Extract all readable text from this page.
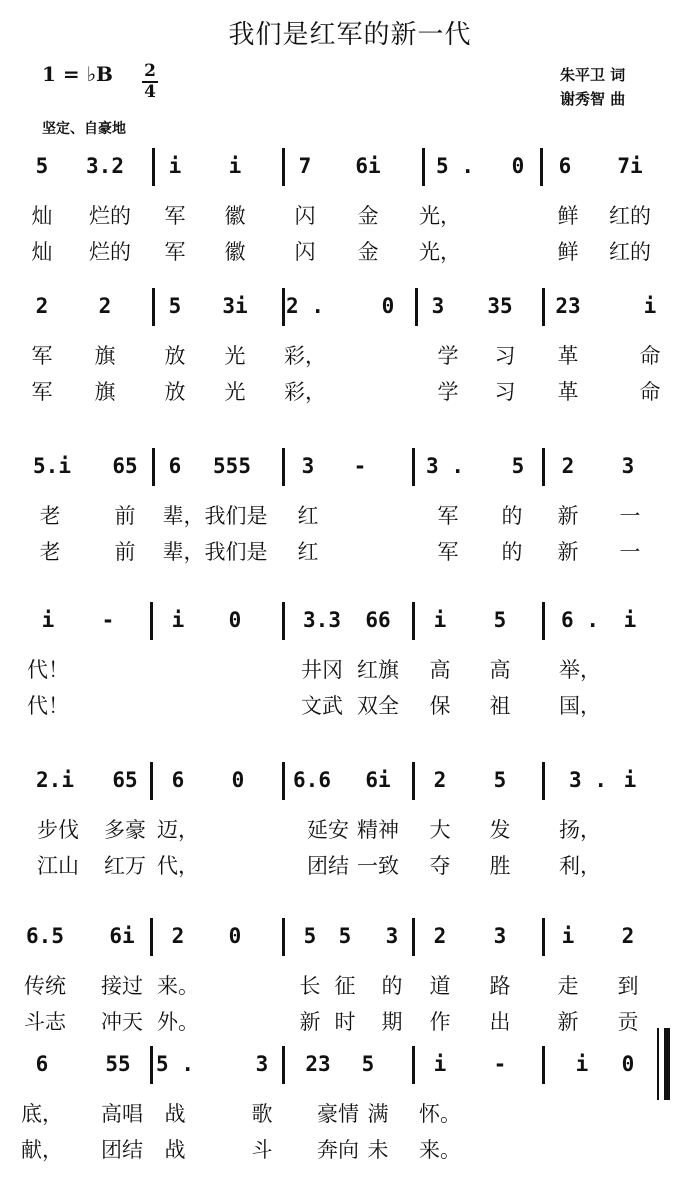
我们是红军的新一代
1 = ♭B 2
4
朱平卫 词
谢秀智 曲
坚定、自豪地
5 3.2 i i	7 6i	5 . 0 6 7i
灿 烂的 军 徽 闪 金 光，	鲜 红的
灿 烂的 军 徽 闪 金 光，	鲜 红的
2 2	5 3i 2 .	0 3 35 23	i
军 旗 放 光 彩，	学 习 革	命
军 旗 放 光 彩，	学 习 革	命
5.i 65 6 555 3 -	3 . 5 2 3
老	前 辈，我们是 红	军 的 新 一
老	前 辈，我们是 红	军 的 新 一
i -	i 0	3.3 66 i 5	6 . i
代！	井冈 红旗 高 高 举，
代！	文武 双全 保 祖 国，
2.i 65 6 0 6.6 6i 2 5	3 . i
步伐 多豪 迈，	延安 精神 大 发 扬，
江山 红万 代，	团结 一致 夺 胜 利，
6.5 6i 2 0	5 5 3 2 3	i 2
传统 接过 来。	长 征 的 道 路 走 到
斗志 冲天 外。	新 时 期 作 出 新 贡
6	55 5 .	3 23 5	i -	i 0
底， 高唱 战	歌 豪情 满 怀。
献， 团结 战	斗 奔向 未 来。
